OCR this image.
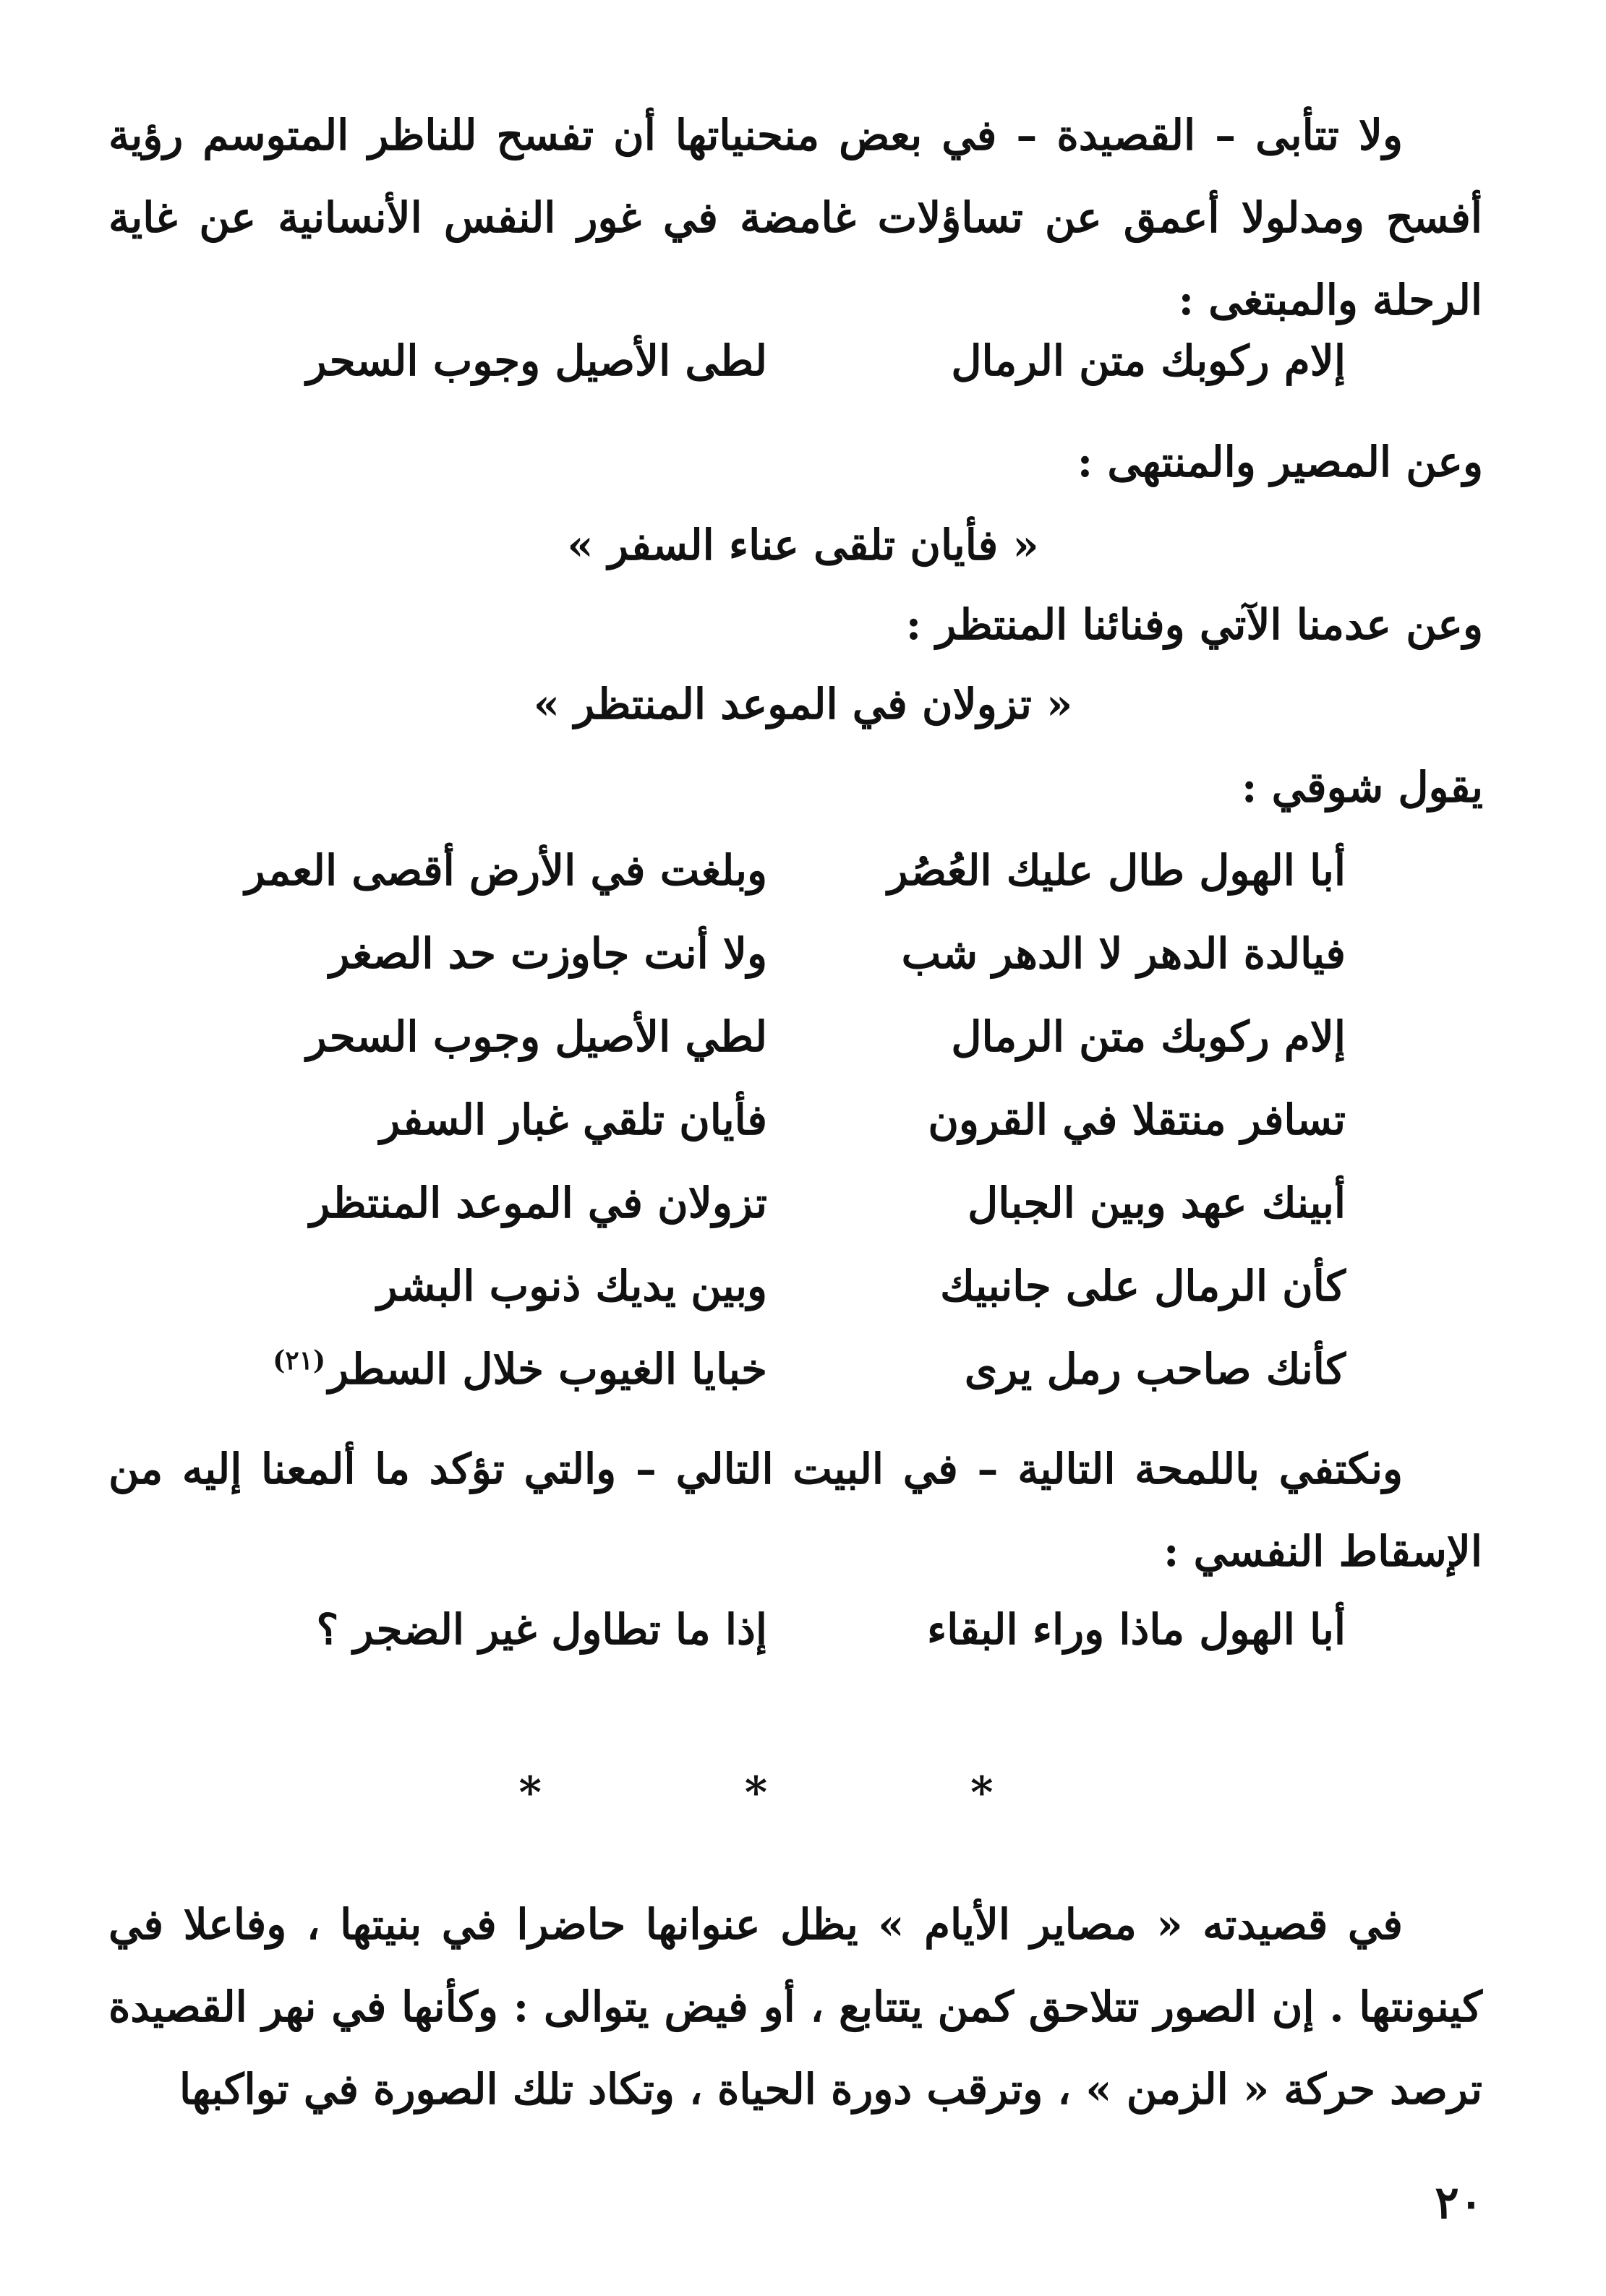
ولا تتأبى – القصيدة – في بعض منحنياتها أن تفسح للناظر المتوسم رؤية أفسح ومدلولا أعمق عن تساؤلات غامضة في غور النفس الأنسانية عن غاية الرحلة والمبتغى :
إلام ركوبك متن الرمال
لطى الأصيل وجوب السحر
وعن المصير والمنتهى :
« فأيان تلقى عناء السفر »
وعن عدمنا الآتي وفنائنا المنتظر :
« تزولان في الموعد المنتظر »
يقول شوقي :
أبا الهول طال عليك العُصُر
وبلغت في الأرض أقصى العمر
فيالدة الدهر لا الدهر شب
ولا أنت جاوزت حد الصغر
إلام ركوبك متن الرمال
لطي الأصيل وجوب السحر
تسافر منتقلا في القرون
فأيان تلقي غبار السفر
أبينك عهد وبين الجبال
تزولان في الموعد المنتظر
كأن الرمال على جانبيك
وبين يديك ذنوب البشر
كأنك صاحب رمل يرى
خبايا الغيوب خلال السطر$^{(٢١)}$
ونكتفي باللمحة التالية – في البيت التالي – والتي تؤكد ما ألمعنا إليه من الإسقاط النفسي :
أبا الهول ماذا وراء البقاء
إذا ما تطاول غير الضجر ؟
* * *
في قصيدته « مصاير الأيام » يظل عنوانها حاضرا في بنيتها ، وفاعلا في كينونتها . إن الصور تتلاحق كمن يتتابع ، أو فيض يتوالى : وكأنها في نهر القصيدة ترصد حركة « الزمن » ، وترقب دورة الحياة ، وتكاد تلك الصورة في تواكبها
٢٠
